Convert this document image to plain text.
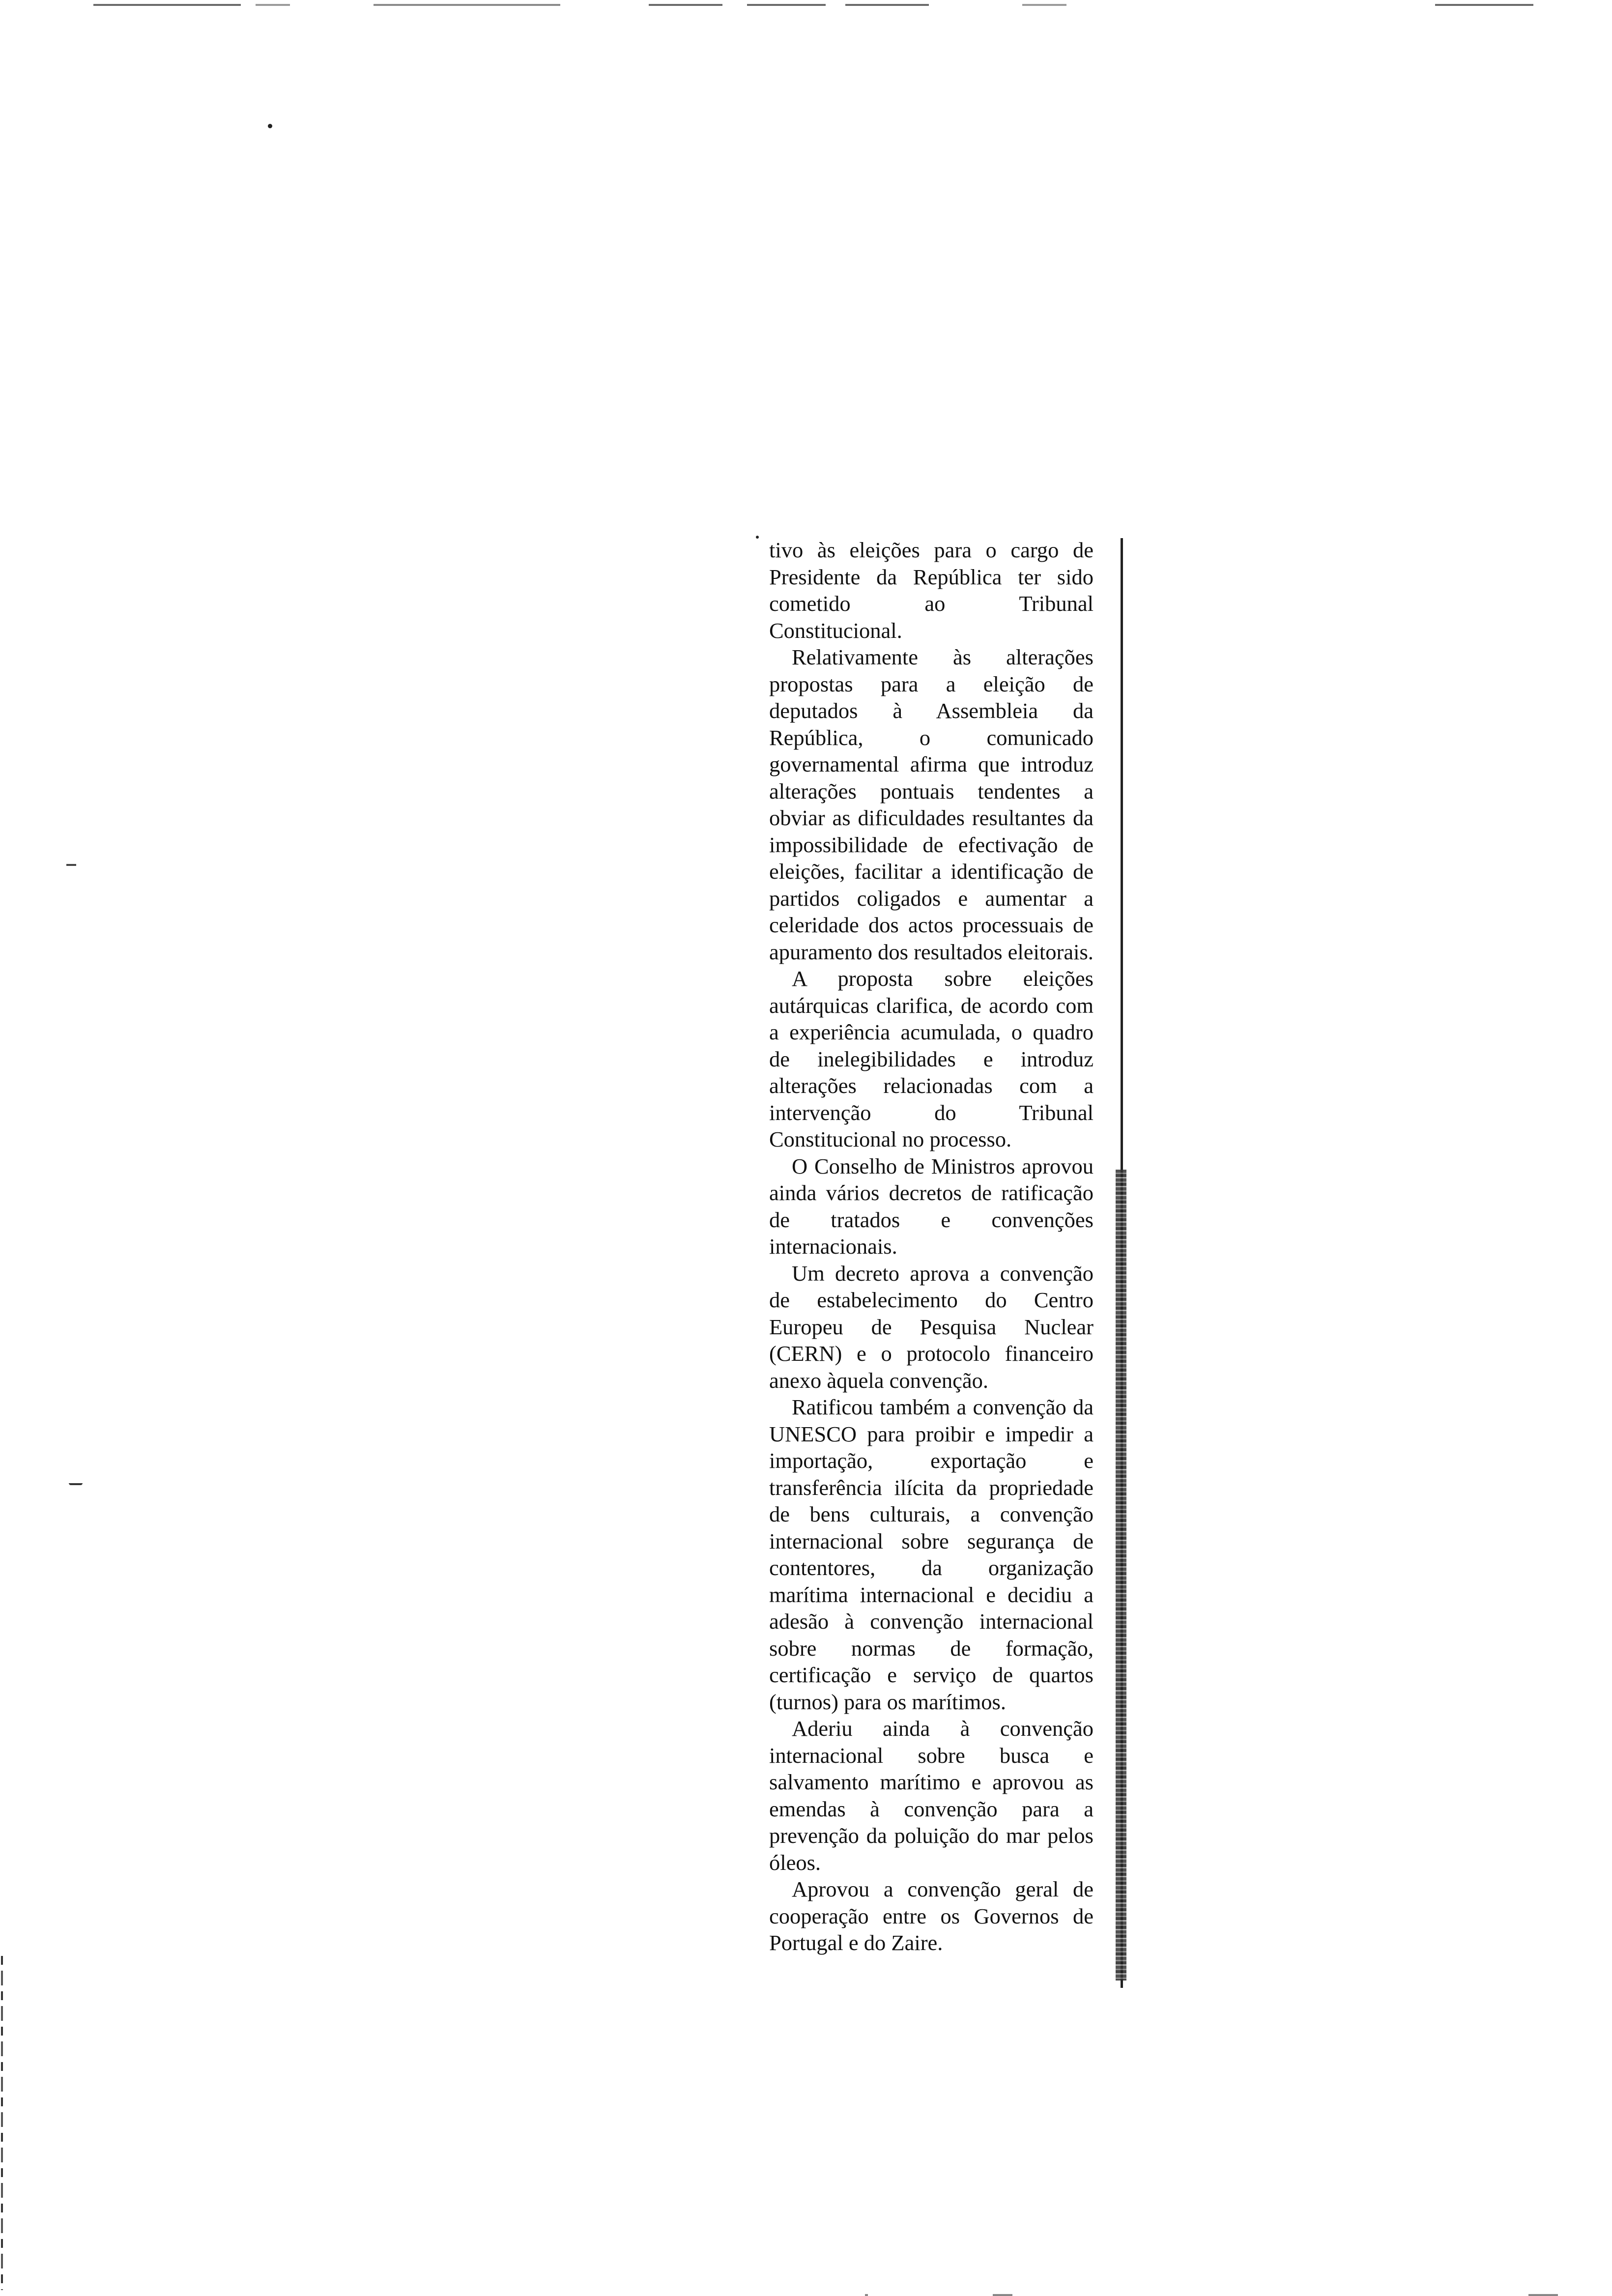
tivo às eleições para o cargo de Presidente da República ter sido cometido ao Tribunal Constitucional.

Relativamente às alterações propostas para a eleição de deputados à Assembleia da República, o comunicado governamental afirma que introduz alterações pontuais tendentes a obviar as dificuldades resultantes da impossibilidade de efectivação de eleições, facilitar a identificação de partidos coligados e aumentar a celeridade dos actos processuais de apuramento dos resultados eleitorais.

A proposta sobre eleições autárquicas clarifica, de acordo com a experiência acumulada, o quadro de inelegibilidades e introduz alterações relacionadas com a intervenção do Tribunal Constitucional no processo.

O Conselho de Ministros aprovou ainda vários decretos de ratificação de tratados e convenções internacionais.

Um decreto aprova a convenção de estabelecimento do Centro Europeu de Pesquisa Nuclear (CERN) e o protocolo financeiro anexo àquela convenção.

Ratificou também a convenção da UNESCO para proibir e impedir a importação, exportação e transferência ilícita da propriedade de bens culturais, a convenção internacional sobre segurança de contentores, da organização marítima internacional e decidiu a adesão à convenção internacional sobre normas de formação, certificação e serviço de quartos (turnos) para os marítimos.

Aderiu ainda à convenção internacional sobre busca e salvamento marítimo e aprovou as emendas à convenção para a prevenção da poluição do mar pelos óleos.

Aprovou a convenção geral de cooperação entre os Governos de Portugal e do Zaire.
